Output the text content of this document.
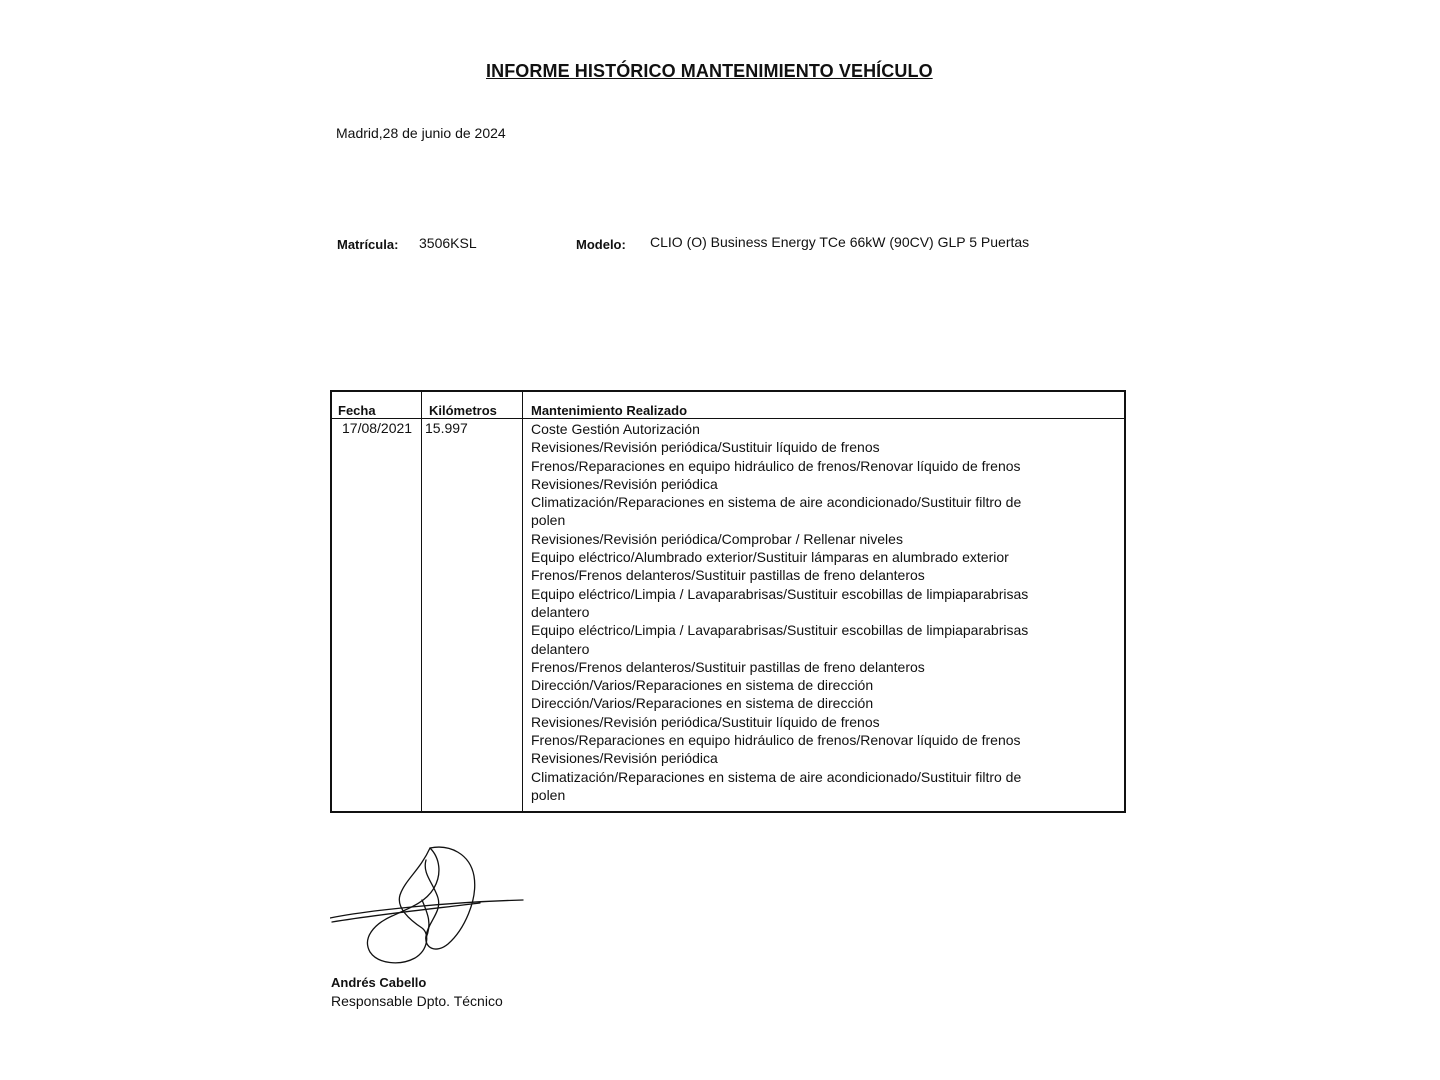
INFORME HISTÓRICO MANTENIMIENTO VEHÍCULO
Madrid,28 de junio de 2024
Matrícula: 3506KSL	Modelo: CLIO (O) Business Energy TCe 66kW (90CV) GLP 5 Puertas
Fecha	Kilómetros	Mantenimiento Realizado
17/08/2021 15.997	Coste Gestión Autorización
Revisiones/Revisión periódica/Sustituir líquido de frenos
Frenos/Reparaciones en equipo hidráulico de frenos/Renovar líquido de frenos
Revisiones/Revisión periódica
Climatización/Reparaciones en sistema de aire acondicionado/Sustituir filtro de polen
Revisiones/Revisión periódica/Comprobar / Rellenar niveles
Equipo eléctrico/Alumbrado exterior/Sustituir lámparas en alumbrado exterior
Frenos/Frenos delanteros/Sustituir pastillas de freno delanteros
Equipo eléctrico/Limpia / Lavaparabrisas/Sustituir escobillas de limpiaparabrisas delantero
Equipo eléctrico/Limpia / Lavaparabrisas/Sustituir escobillas de limpiaparabrisas delantero
Frenos/Frenos delanteros/Sustituir pastillas de freno delanteros
Dirección/Varios/Reparaciones en sistema de dirección
Dirección/Varios/Reparaciones en sistema de dirección
Revisiones/Revisión periódica/Sustituir líquido de frenos
Frenos/Reparaciones en equipo hidráulico de frenos/Renovar líquido de frenos
Revisiones/Revisión periódica
Climatización/Reparaciones en sistema de aire acondicionado/Sustituir filtro de polen
Andrés Cabello
Responsable Dpto. Técnico
